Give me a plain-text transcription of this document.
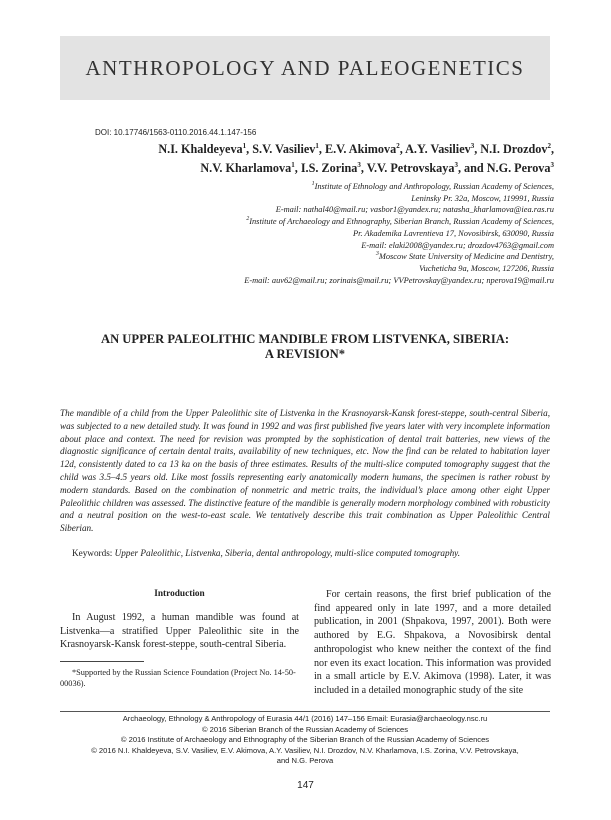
ANTHROPOLOGY AND PALEOGENETICS
DOI: 10.17746/1563-0110.2016.44.1.147-156
N.I. Khaldeyeva$^1$, S.V. Vasiliev$^1$, E.V. Akimova$^2$, A.Y. Vasiliev$^3$, N.I. Drozdov$^2$,
N.V. Kharlamova$^1$, I.S. Zorina$^3$, V.V. Petrovskaya$^3$, and N.G. Perova$^3$
$^1$Institute of Ethnology and Anthropology, Russian Academy of Sciences,
Leninsky Pr. 32a, Moscow, 119991, Russia
E-mail: nathal40@mail.ru; vasbor1@yandex.ru; natasha_kharlamova@iea.ras.ru
$^2$Institute of Archaeology and Ethnography, Siberian Branch, Russian Academy of Sciences,
Pr. Akademika Lavrentieva 17, Novosibirsk, 630090, Russia
E-mail: elaki2008@yandex.ru; drozdov4763@gmail.com
$^3$Moscow State University of Medicine and Dentistry,
Vucheticha 9a, Moscow, 127206, Russia
E-mail: auv62@mail.ru; zorinais@mail.ru; VVPetrovskay@yandex.ru; nperova19@mail.ru
AN UPPER PALEOLITHIC MANDIBLE FROM LISTVENKA, SIBERIA:
A REVISION*

The mandible of a child from the Upper Paleolithic site of Listvenka in the Krasnoyarsk-Kansk forest-steppe, south-central Siberia, was subjected to a new detailed study. It was found in 1992 and was first published five years later with very incomplete information about place and context. The need for revision was prompted by the sophistication of dental trait batteries, new views of the diagnostic significance of certain dental traits, availability of new techniques, etc. Now the find can be related to habitation layer 12d, consistently dated to ca 13 ka on the basis of three estimates. Results of the multi-slice computed tomography suggest that the child was 3.5–4.5 years old. Like most fossils representing early anatomically modern humans, the specimen is rather robust by modern standards. Based on the combination of nonmetric and metric traits, the individual’s place among other eight Upper Paleolithic children was assessed. The distinctive feature of the mandible is generally modern morphology combined with robusticity and a neutral position on the west-to-east scale. We tentatively describe this trait combination as Upper Paleolithic Central Siberian.

Keywords: Upper Paleolithic, Listvenka, Siberia, dental anthropology, multi-slice computed tomography.
Introduction

In August 1992, a human mandible was found at Listvenka—a stratified Upper Paleolithic site in the Krasnoyarsk-Kansk forest-steppe, south-central Siberia.

*Supported by the Russian Science Foundation (Project No. 14-50-00036).

For certain reasons, the first brief publication of the find appeared only in late 1997, and a more detailed publication, in 2001 (Shpakova, 1997, 2001). Both were authored by E.G. Shpakova, a Novosibirsk dental anthropologist who knew neither the context of the find nor even its exact location. This information was provided in a small article by E.V. Akimova (1998). Later, it was included in a detailed monographic study of the site

Archaeology, Ethnology & Anthropology of Eurasia 44/1 (2016) 147–156 Email: Eurasia@archaeology.nsc.ru
© 2016 Siberian Branch of the Russian Academy of Sciences
© 2016 Institute of Archaeology and Ethnography of the Siberian Branch of the Russian Academy of Sciences
© 2016 N.I. Khaldeyeva, S.V. Vasiliev, E.V. Akimova, A.Y. Vasiliev, N.I. Drozdov, N.V. Kharlamova, I.S. Zorina, V.V. Petrovskaya,
and N.G. Perova
147
